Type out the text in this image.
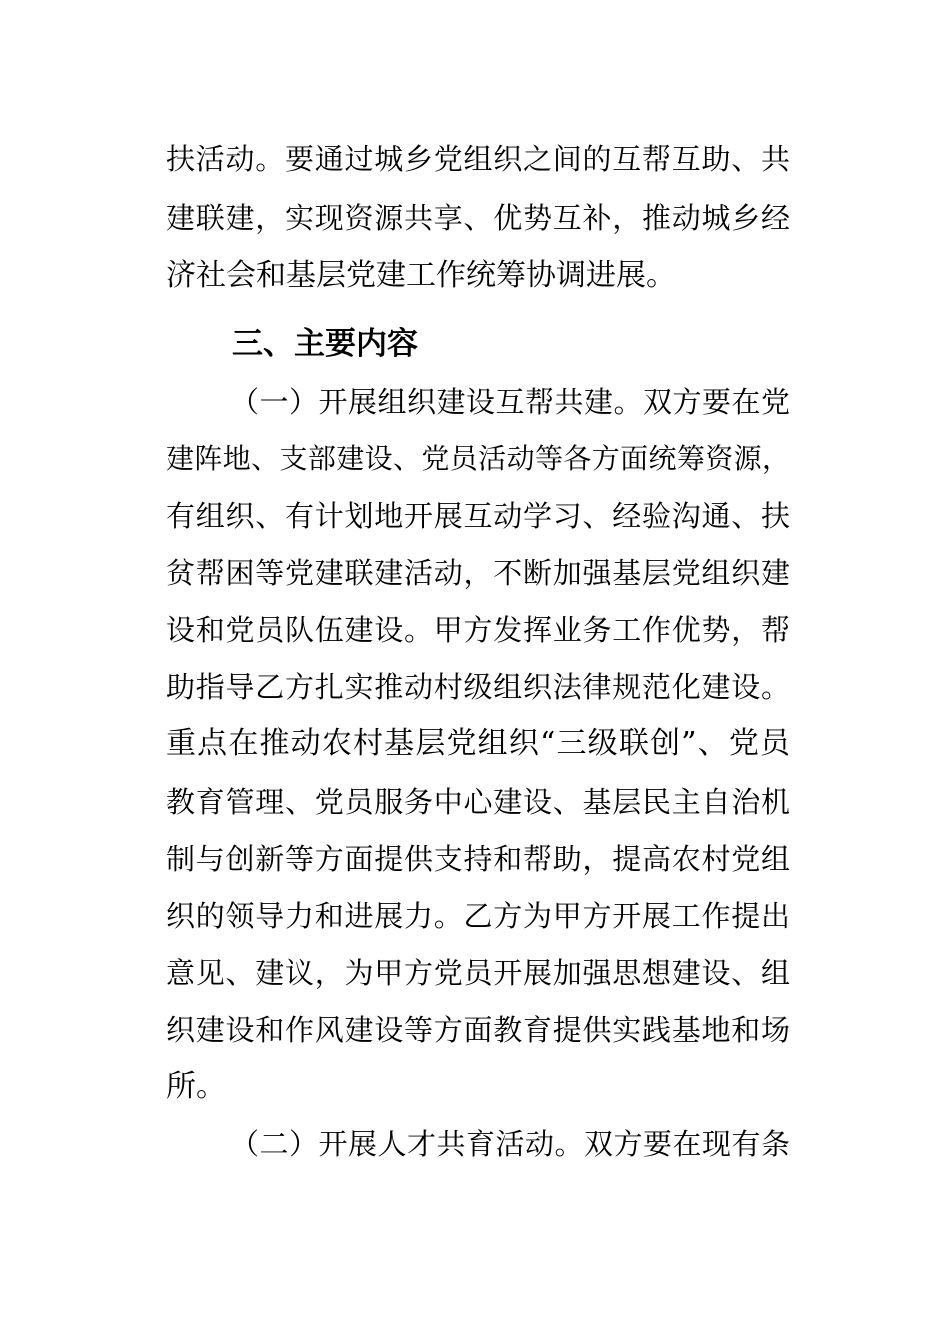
扶活动。要通过城乡党组织之间的互帮互助、共
建联建，实现资源共享、优势互补，推动城乡经
济社会和基层党建工作统筹协调进展。
三、主要内容
（一）开展组织建设互帮共建。双方要在党
建阵地、支部建设、党员活动等各方面统筹资源，
有组织、有计划地开展互动学习、经验沟通、扶
贫帮困等党建联建活动，不断加强基层党组织建
设和党员队伍建设。甲方发挥业务工作优势，帮
助指导乙方扎实推动村级组织法律规范化建设。
重点在推动农村基层党组织“三级联创”、党员
教育管理、党员服务中心建设、基层民主自治机
制与创新等方面提供支持和帮助，提高农村党组
织的领导力和进展力。乙方为甲方开展工作提出
意见、建议，为甲方党员开展加强思想建设、组
织建设和作风建设等方面教育提供实践基地和场
所。
（二）开展人才共育活动。双方要在现有条
